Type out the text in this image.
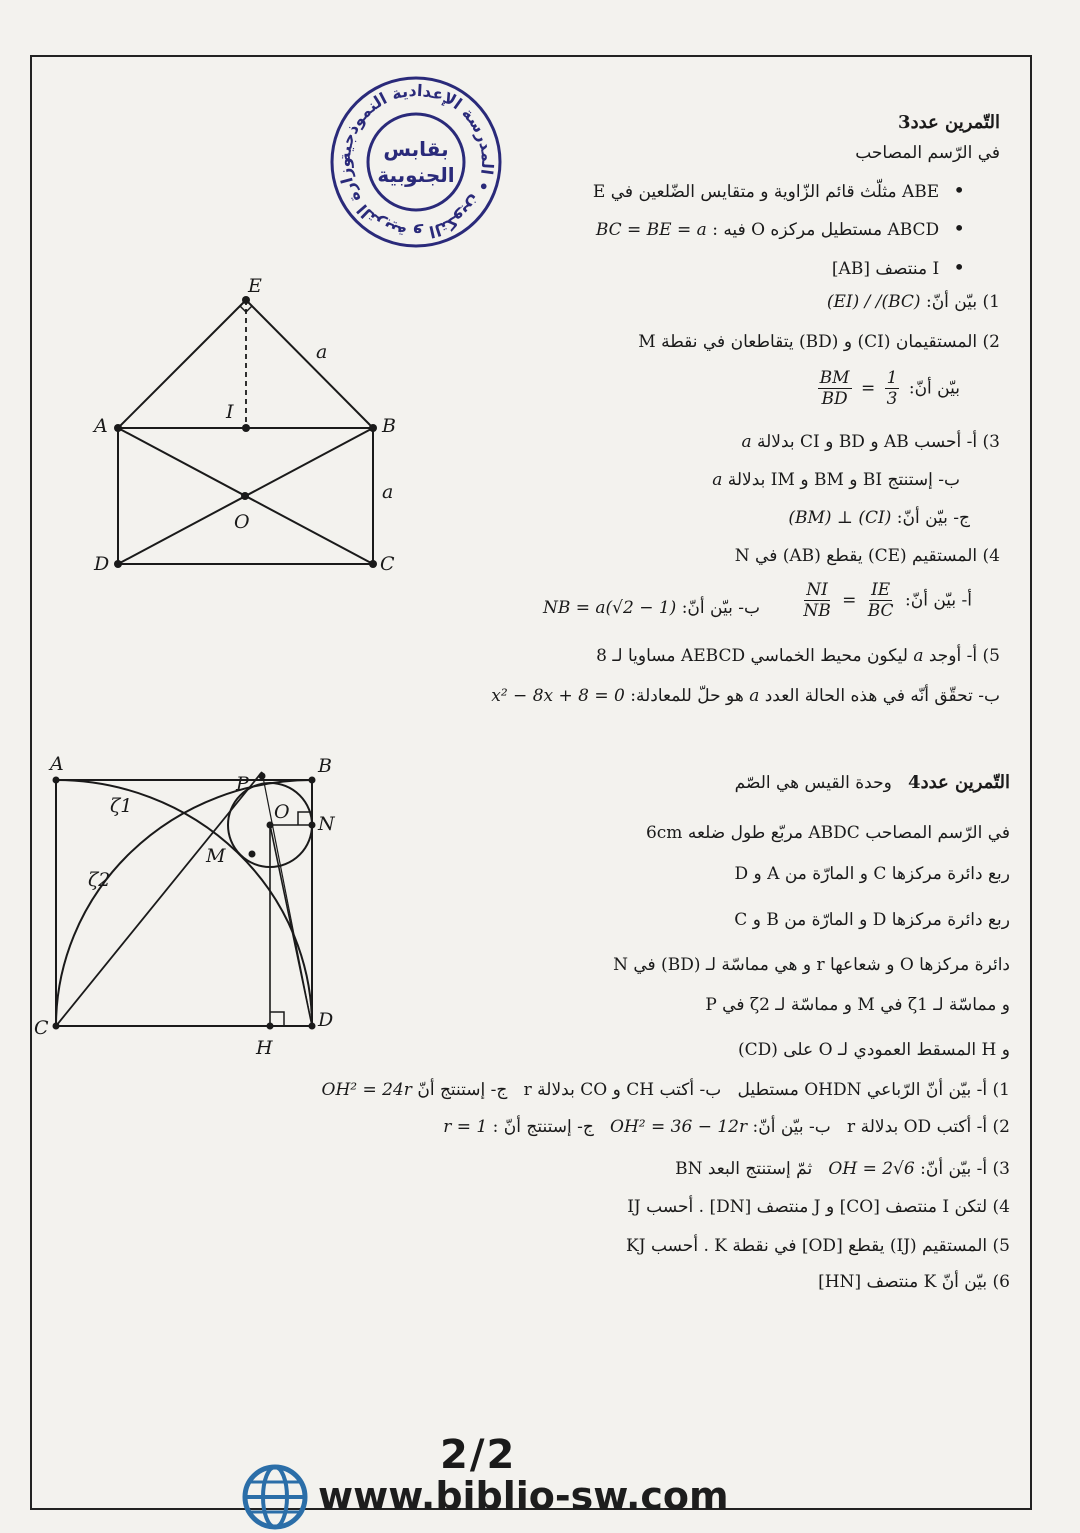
وزارة التربية و التكوين • المدرسة الإعدادية النموذجية
بقابس
الجنوبية
التّمرين عدد3
في الرّسم المصاحب
• ABE مثلّث قائم الزّاوية و متقايس الضّلعين في E
• ABCD مستطيل مركزه O فيه : BC = BE = a
• I منتصف [AB]
1) بيّن أنّ: (EI) / /(BC)
2) المستقيمان (CI) و (BD) يتقاطعان في نقطة M
بيّن أنّ:
$\frac{1}{3}$
=
$\frac{BM}{BD}$
3) أ- أحسب AB و BD و CI بدلالة a
ب- إستنتج BI و BM و IM بدلالة a
ج- بيّن أنّ: (BM) ⊥ (CI)
4) المستقيم (CE) يقطع (AB) في N
أ- بيّن أنّ:
$\frac{IE}{BC}$
=
$\frac{NI}{NB}$
ب- بيّن أنّ: NB = a(√2 − 1)
5) أ- أوجد a ليكون محيط الخماسي AEBCD مساويا لـ 8
ب- تحقّق أنّه في هذه الحالة العدد a هو حلّ للمعادلة: x² − 8x + 8 = 0
E
A	B
I
O
D	C
a
a
التّمرين عدد4   وحدة القيس هي الصّم
في الرّسم المصاحب ABDC مربّع طول ضلعه 6cm
ربع دائرة مركزها C و المارّة من A و D
ربع دائرة مركزها D و المارّة من B و C
دائرة مركزها O و شعاعها r و هي مماسّة لـ (BD) في N
و مماسّة لـ ζ1 في M و مماسّة لـ ζ2 في P
و H المسقط العمودي لـ O على (CD)
1) أ- بيّن أنّ الرّباعي OHDN مستطيل   ب- أكتب CH و CO بدلالة r   ج- إستنتج أنّ OH² = 24r
2) أ- أكتب OD بدلالة r   ب- بيّن أنّ: OH² = 36 − 12r   ج- إستنتج أنّ : r = 1
3) أ- بيّن أنّ: OH = 2√6   ثمّ إستنتج البعد BN
4) لتكن I منتصف [CO] و J منتصف [DN] . أحسب IJ
5) المستقيم (IJ) يقطع [OD] في نقطة K . أحسب KJ
6) بيّن أنّ K منتصف [HN]
A	B
C	D
P
O
N
M
H
ζ1
ζ2
2/2
www.biblio-sw.com
